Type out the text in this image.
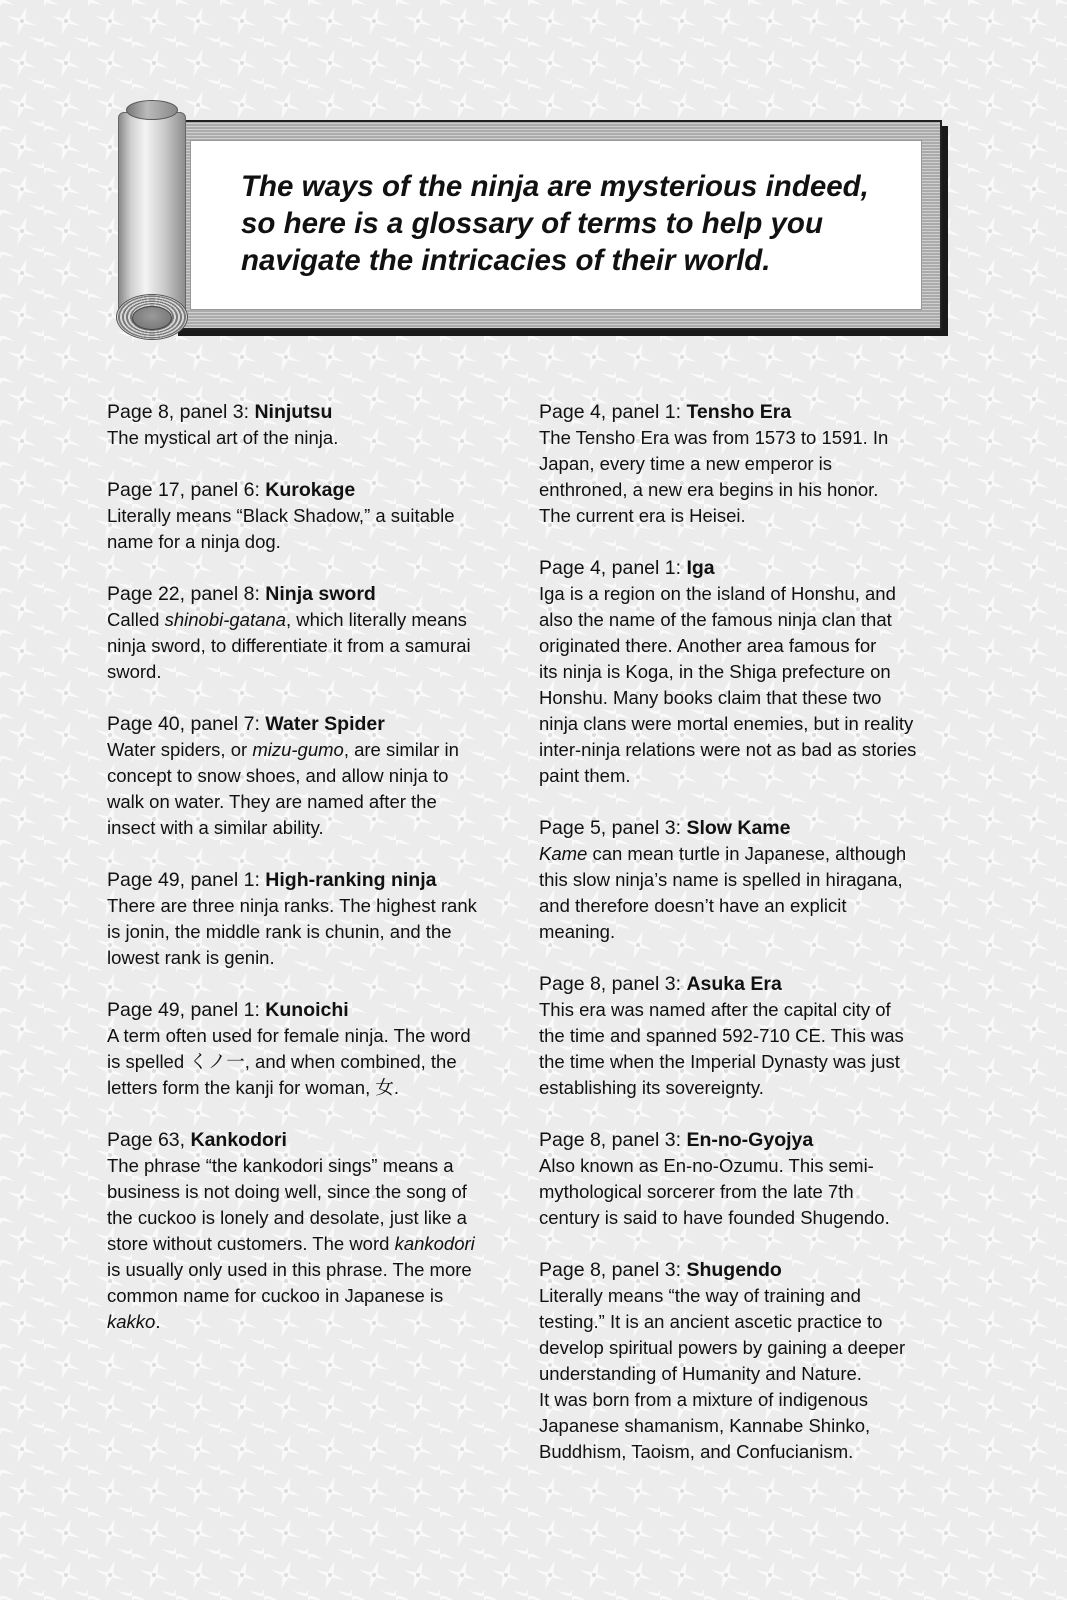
The ways of the ninja are mysterious indeed,
so here is a glossary of terms to help you
navigate the intricacies of their world.

Page 8, panel 3: Ninjutsu

The mystical art of the ninja.

Page 17, panel 6: Kurokage

Literally means “Black Shadow,” a suitable
name for a ninja dog.

Page 22, panel 8: Ninja sword

Called shinobi-gatana, which literally means
ninja sword, to differentiate it from a samurai
sword.

Page 40, panel 7: Water Spider

Water spiders, or mizu-gumo, are similar in
concept to snow shoes, and allow ninja to
walk on water. They are named after the
insect with a similar ability.

Page 49, panel 1: High-ranking ninja

There are three ninja ranks. The highest rank
is jonin, the middle rank is chunin, and the
lowest rank is genin.

Page 49, panel 1: Kunoichi

A term often used for female ninja. The word
is spelled くノ一, and when combined, the
letters form the kanji for woman, 女.

Page 63, Kankodori

The phrase “the kankodori sings” means a
business is not doing well, since the song of
the cuckoo is lonely and desolate, just like a
store without customers. The word kankodori
is usually only used in this phrase. The more
common name for cuckoo in Japanese is
kakko.

Page 4, panel 1: Tensho Era

The Tensho Era was from 1573 to 1591. In
Japan, every time a new emperor is
enthroned, a new era begins in his honor.
The current era is Heisei.

Page 4, panel 1: Iga

Iga is a region on the island of Honshu, and
also the name of the famous ninja clan that
originated there. Another area famous for
its ninja is Koga, in the Shiga prefecture on
Honshu. Many books claim that these two
ninja clans were mortal enemies, but in reality
inter-ninja relations were not as bad as stories
paint them.

Page 5, panel 3: Slow Kame

Kame can mean turtle in Japanese, although
this slow ninja’s name is spelled in hiragana,
and therefore doesn’t have an explicit
meaning.

Page 8, panel 3: Asuka Era

This era was named after the capital city of
the time and spanned 592-710 CE. This was
the time when the Imperial Dynasty was just
establishing its sovereignty.

Page 8, panel 3: En-no-Gyojya

Also known as En-no-Ozumu. This semi-
mythological sorcerer from the late 7th
century is said to have founded Shugendo.

Page 8, panel 3: Shugendo

Literally means “the way of training and
testing.” It is an ancient ascetic practice to
develop spiritual powers by gaining a deeper
understanding of Humanity and Nature.
It was born from a mixture of indigenous
Japanese shamanism, Kannabe Shinko,
Buddhism, Taoism, and Confucianism.
